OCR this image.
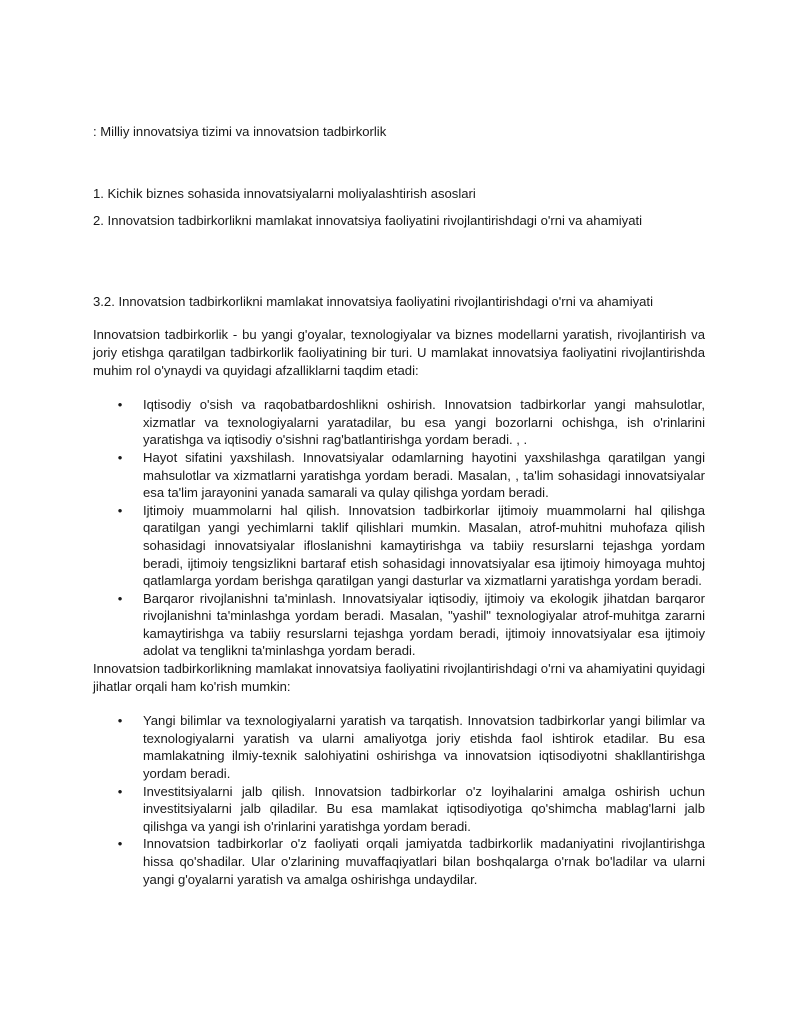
: Milliy innovatsiya tizimi va innovatsion tadbirkorlik

1. Kichik biznes sohasida innovatsiyalarni moliyalashtirish asoslari

2. Innovatsion tadbirkorlikni mamlakat innovatsiya faoliyatini rivojlantirishdagi o'rni va ahamiyati

3.2. Innovatsion tadbirkorlikni mamlakat innovatsiya faoliyatini rivojlantirishdagi o'rni va ahamiyati

Innovatsion tadbirkorlik - bu yangi g'oyalar, texnologiyalar va biznes modellarni yaratish, rivojlantirish va joriy etishga qaratilgan tadbirkorlik faoliyatining bir turi. U mamlakat innovatsiya faoliyatini rivojlantirishda muhim rol o'ynaydi va quyidagi afzalliklarni taqdim etadi:

• Iqtisodiy o'sish va raqobatbardoshlikni oshirish. Innovatsion tadbirkorlar yangi mahsulotlar, xizmatlar va texnologiyalarni yaratadilar, bu esa yangi bozorlarni ochishga, ish o'rinlarini yaratishga va iqtisodiy o'sishni rag'batlantirishga yordam beradi. , .

• Hayot sifatini yaxshilash. Innovatsiyalar odamlarning hayotini yaxshilashga qaratilgan yangi mahsulotlar va xizmatlarni yaratishga yordam beradi. Masalan, , ta'lim sohasidagi innovatsiyalar esa ta'lim jarayonini yanada samarali va qulay qilishga yordam beradi.

• Ijtimoiy muammolarni hal qilish. Innovatsion tadbirkorlar ijtimoiy muammolarni hal qilishga qaratilgan yangi yechimlarni taklif qilishlari mumkin. Masalan, atrof-muhitni muhofaza qilish sohasidagi innovatsiyalar ifloslanishni kamaytirishga va tabiiy resurslarni tejashga yordam beradi, ijtimoiy tengsizlikni bartaraf etish sohasidagi innovatsiyalar esa ijtimoiy himoyaga muhtoj qatlamlarga yordam berishga qaratilgan yangi dasturlar va xizmatlarni yaratishga yordam beradi.

• Barqaror rivojlanishni ta'minlash. Innovatsiyalar iqtisodiy, ijtimoiy va ekologik jihatdan barqaror rivojlanishni ta'minlashga yordam beradi. Masalan, "yashil" texnologiyalar atrof-muhitga zararni kamaytirishga va tabiiy resurslarni tejashga yordam beradi, ijtimoiy innovatsiyalar esa ijtimoiy adolat va tenglikni ta'minlashga yordam beradi.

Innovatsion tadbirkorlikning mamlakat innovatsiya faoliyatini rivojlantirishdagi o'rni va ahamiyatini quyidagi jihatlar orqali ham ko'rish mumkin:

• Yangi bilimlar va texnologiyalarni yaratish va tarqatish. Innovatsion tadbirkorlar yangi bilimlar va texnologiyalarni yaratish va ularni amaliyotga joriy etishda faol ishtirok etadilar. Bu esa mamlakatning ilmiy-texnik salohiyatini oshirishga va innovatsion iqtisodiyotni shakllantirishga yordam beradi.

• Investitsiyalarni jalb qilish. Innovatsion tadbirkorlar o'z loyihalarini amalga oshirish uchun investitsiyalarni jalb qiladilar. Bu esa mamlakat iqtisodiyotiga qo'shimcha mablag'larni jalb qilishga va yangi ish o'rinlarini yaratishga yordam beradi.

• Innovatsion tadbirkorlar o'z faoliyati orqali jamiyatda tadbirkorlik madaniyatini rivojlantirishga hissa qo'shadilar. Ular o'zlarining muvaffaqiyatlari bilan boshqalarga o'rnak bo'ladilar va ularni yangi g'oyalarni yaratish va amalga oshirishga undaydilar.
